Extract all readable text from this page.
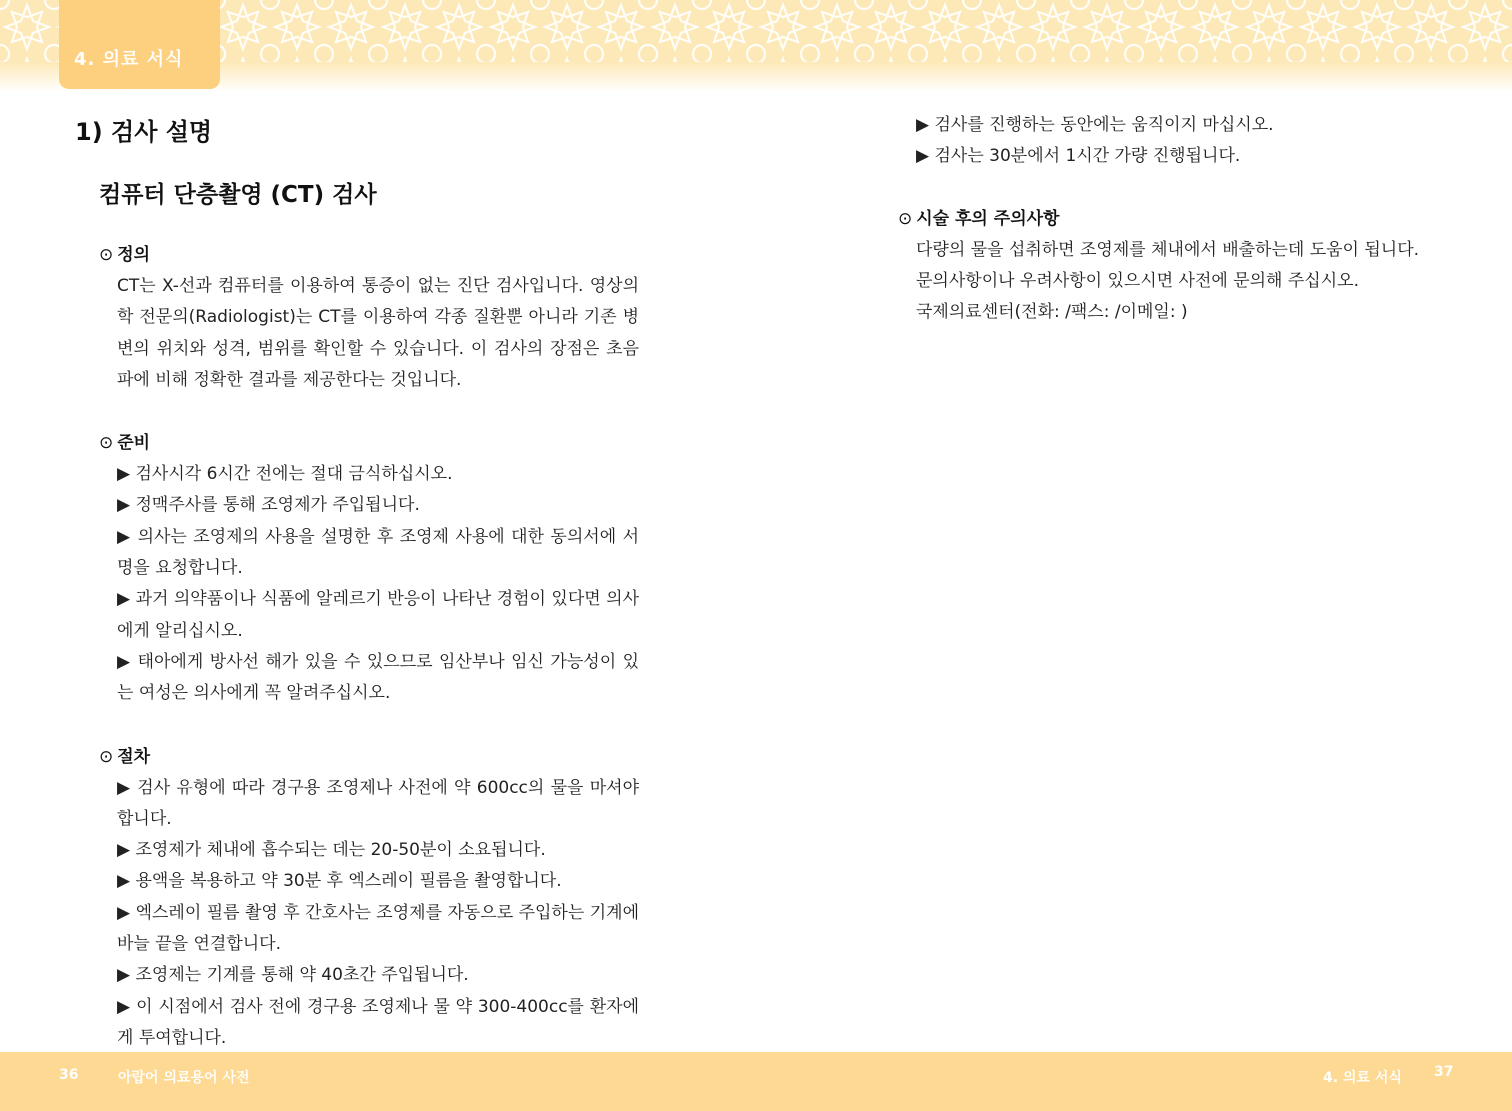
4. 의료 서식
1) 검사 설명
컴퓨터 단층촬영 (CT) 검사
⊙ 정의
CT는 X-선과 컴퓨터를 이용하여 통증이 없는 진단 검사입니다. 영상의학 전문의(Radiologist)는 CT를 이용하여 각종 질환뿐 아니라 기존 병변의 위치와 성격, 범위를 확인할 수 있습니다. 이 검사의 장점은 초음파에 비해 정확한 결과를 제공한다는 것입니다.
⊙ 준비
▶ 검사시각 6시간 전에는 절대 금식하십시오.
▶ 정맥주사를 통해 조영제가 주입됩니다.
▶ 의사는 조영제의 사용을 설명한 후 조영제 사용에 대한 동의서에 서명을 요청합니다.
▶ 과거 의약품이나 식품에 알레르기 반응이 나타난 경험이 있다면 의사에게 알리십시오.
▶ 태아에게 방사선 해가 있을 수 있으므로 임산부나 임신 가능성이 있는 여성은 의사에게 꼭 알려주십시오.
⊙ 절차
▶ 검사 유형에 따라 경구용 조영제나 사전에 약 600cc의 물을 마셔야 합니다.
▶ 조영제가 체내에 흡수되는 데는 20-50분이 소요됩니다.
▶ 용액을 복용하고 약 30분 후 엑스레이 필름을 촬영합니다.
▶ 엑스레이 필름 촬영 후 간호사는 조영제를 자동으로 주입하는 기계에 바늘 끝을 연결합니다.
▶ 조영제는 기계를 통해 약 40초간 주입됩니다.
▶ 이 시점에서 검사 전에 경구용 조영제나 물 약 300-400cc를 환자에게 투여합니다.
▶ 검사를 진행하는 동안에는 움직이지 마십시오.
▶ 검사는 30분에서 1시간 가량 진행됩니다.
⊙ 시술 후의 주의사항
다량의 물을 섭취하면 조영제를 체내에서 배출하는데 도움이 됩니다.
문의사항이나 우려사항이 있으시면 사전에 문의해 주십시오.
국제의료센터(전화: /팩스: /이메일: )
36	아랍어 의료용어 사전	4. 의료 서식 37
